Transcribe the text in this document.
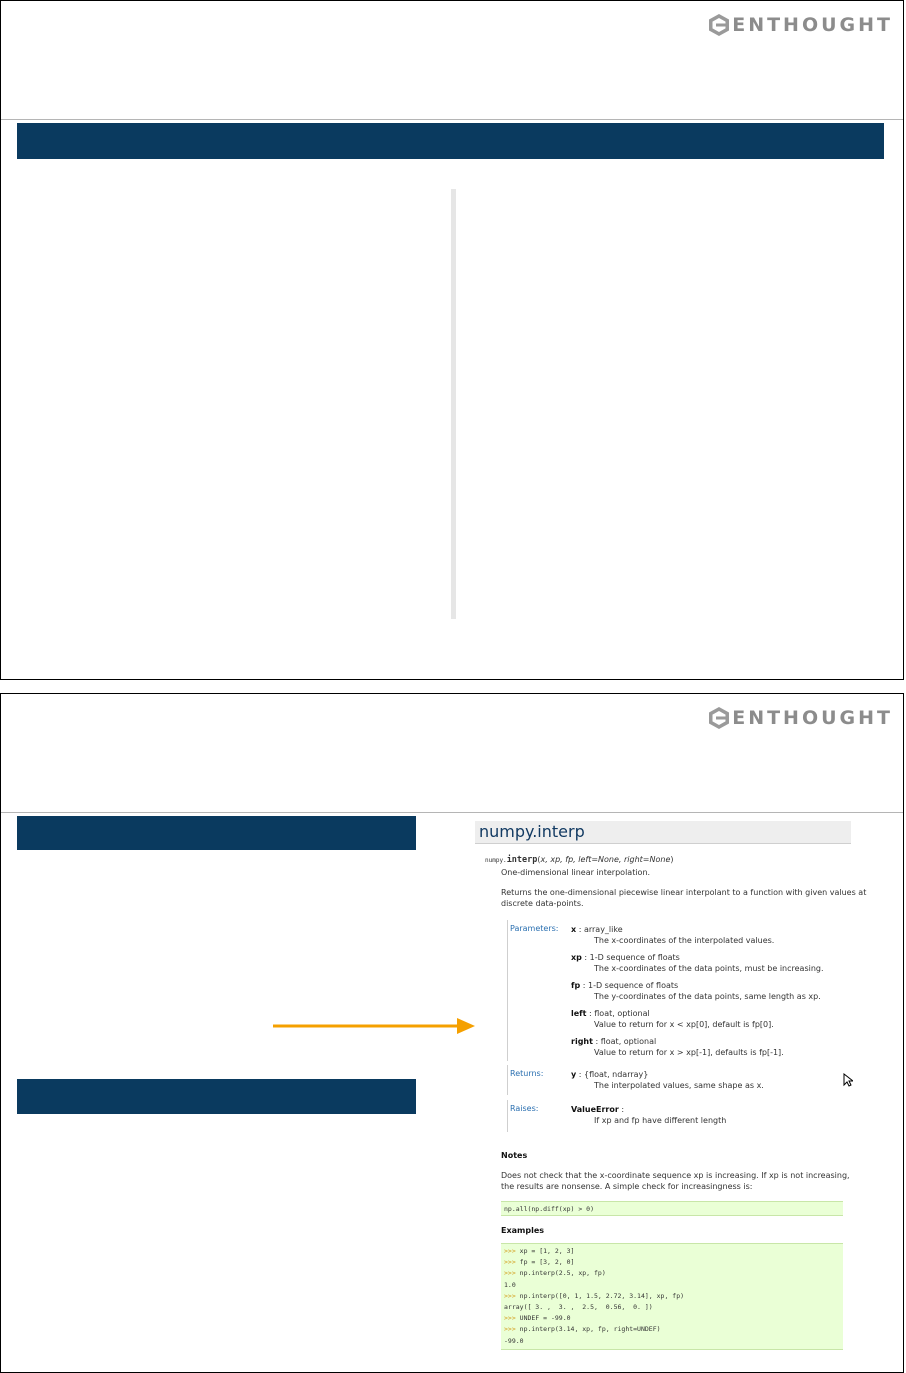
ENTHOUGHT
ENTHOUGHT
numpy.interp
numpy.interp(x, xp, fp, left=None, right=None)
One-dimensional linear interpolation.
Returns the one-dimensional piecewise linear interpolant to a function with given values at
discrete data-points.
Parameters: x : array_like
The x-coordinates of the interpolated values.
xp : 1-D sequence of floats
The x-coordinates of the data points, must be increasing.
fp : 1-D sequence of floats
The y-coordinates of the data points, same length as xp.
left : float, optional
Value to return for x < xp[0], default is fp[0].
right : float, optional
Value to return for x > xp[-1], defaults is fp[-1].
Returns:	y : {float, ndarray}
The interpolated values, same shape as x.
Raises:	ValueError :
If xp and fp have different length
Notes
Does not check that the x-coordinate sequence xp is increasing. If xp is not increasing,
the results are nonsense. A simple check for increasingness is:
np.all(np.diff(xp) > 0)
Examples
>>> xp = [1, 2, 3]
>>> fp = [3, 2, 0]
>>> np.interp(2.5, xp, fp)
1.0
>>> np.interp([0, 1, 1.5, 2.72, 3.14], xp, fp)
array([ 3. ,  3. ,  2.5,  0.56,  0. ])
>>> UNDEF = -99.0
>>> np.interp(3.14, xp, fp, right=UNDEF)
-99.0
